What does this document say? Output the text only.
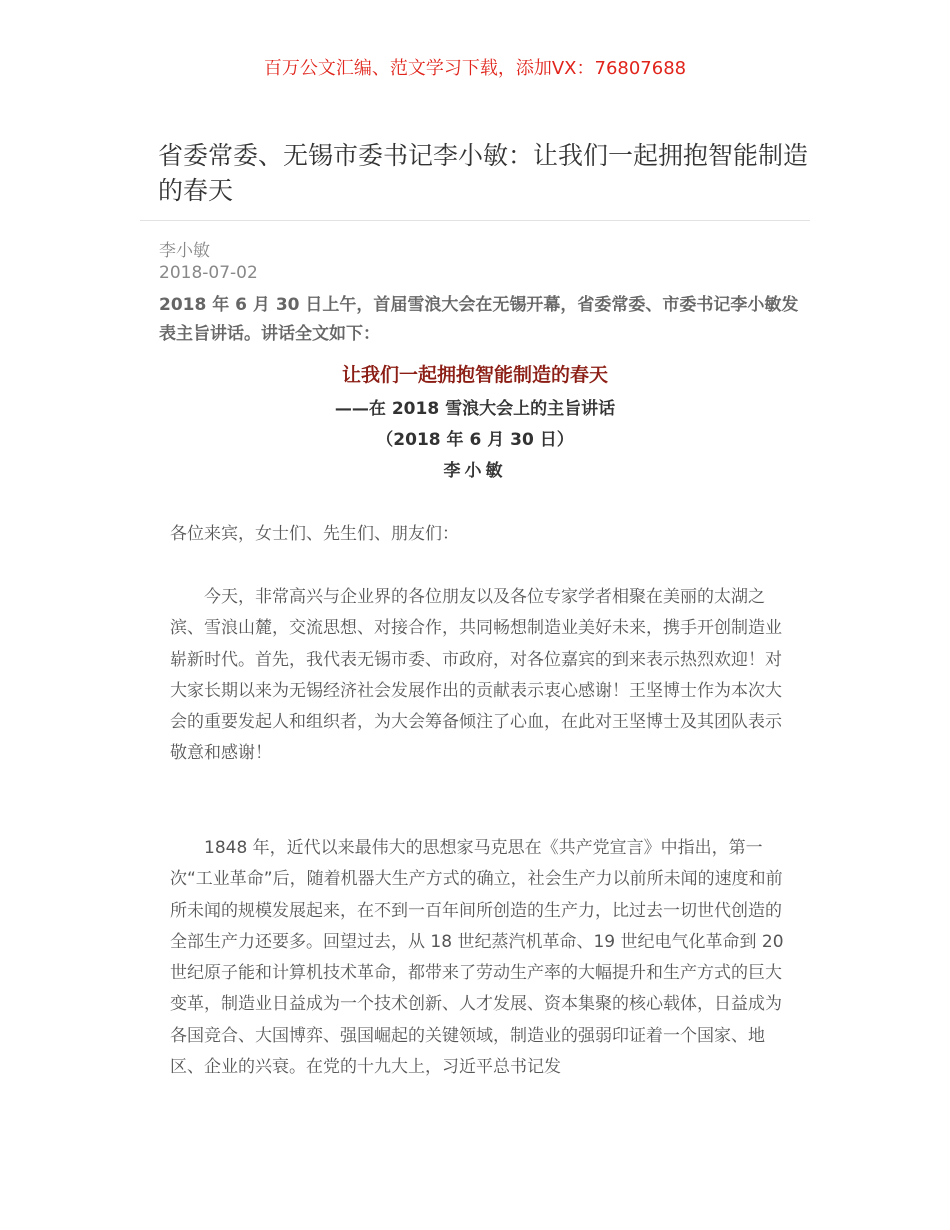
百万公文汇编、范文学习下载，添加VX：76807688
省委常委、无锡市委书记李小敏：让我们一起拥抱智能制造的春天
李小敏
2018-07-02
2018 年 6 月 30 日上午，首届雪浪大会在无锡开幕，省委常委、市委书记李小敏发表主旨讲话。讲话全文如下：
让我们一起拥抱智能制造的春天
——在 2018 雪浪大会上的主旨讲话
（2018 年 6 月 30 日）
李小敏
各位来宾，女士们、先生们、朋友们：

今天，非常高兴与企业界的各位朋友以及各位专家学者相聚在美丽的太湖之滨、雪浪山麓，交流思想、对接合作，共同畅想制造业美好未来，携手开创制造业崭新时代。首先，我代表无锡市委、市政府，对各位嘉宾的到来表示热烈欢迎！对大家长期以来为无锡经济社会发展作出的贡献表示衷心感谢！王坚博士作为本次大会的重要发起人和组织者，为大会筹备倾注了心血，在此对王坚博士及其团队表示敬意和感谢！

1848 年，近代以来最伟大的思想家马克思在《共产党宣言》中指出，第一次“工业革命”后，随着机器大生产方式的确立，社会生产力以前所未闻的速度和前所未闻的规模发展起来，在不到一百年间所创造的生产力，比过去一切世代创造的全部生产力还要多。回望过去，从 18 世纪蒸汽机革命、19 世纪电气化革命到 20 世纪原子能和计算机技术革命，都带来了劳动生产率的大幅提升和生产方式的巨大变革，制造业日益成为一个技术创新、人才发展、资本集聚的核心载体，日益成为各国竞合、大国博弈、强国崛起的关键领域，制造业的强弱印证着一个国家、地区、企业的兴衰。在党的十九大上，习近平总书记发
